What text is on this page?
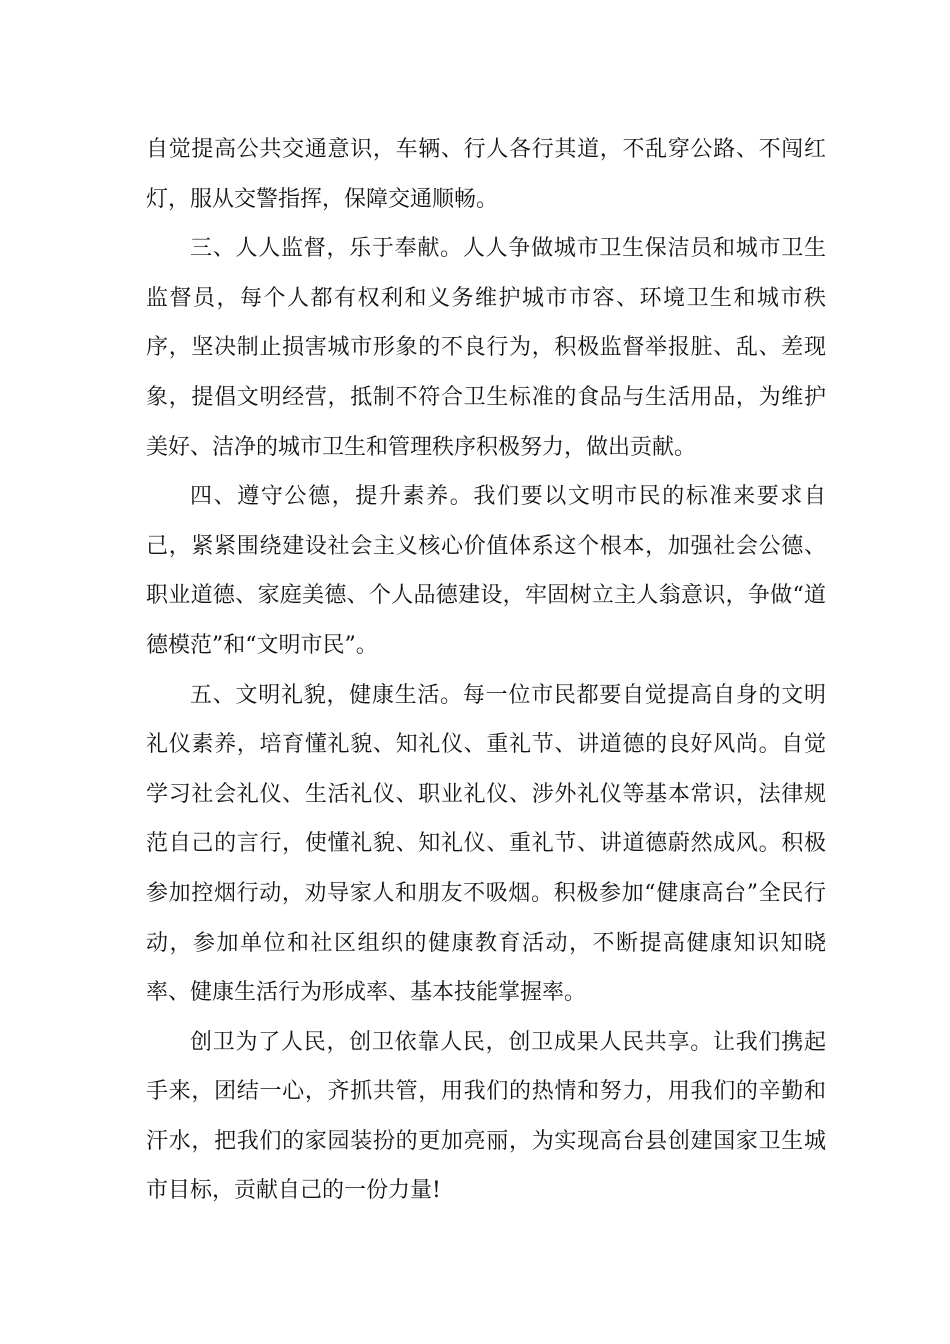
自觉提高公共交通意识，车辆、行人各行其道，不乱穿公路、不闯红灯，服从交警指挥，保障交通顺畅。

三、人人监督，乐于奉献。人人争做城市卫生保洁员和城市卫生监督员，每个人都有权利和义务维护城市市容、环境卫生和城市秩序，坚决制止损害城市形象的不良行为，积极监督举报脏、乱、差现象，提倡文明经营，抵制不符合卫生标准的食品与生活用品，为维护美好、洁净的城市卫生和管理秩序积极努力，做出贡献。

四、遵守公德，提升素养。我们要以文明市民的标准来要求自己，紧紧围绕建设社会主义核心价值体系这个根本，加强社会公德、职业道德、家庭美德、个人品德建设，牢固树立主人翁意识，争做“道德模范”和“文明市民”。

五、文明礼貌，健康生活。每一位市民都要自觉提高自身的文明礼仪素养，培育懂礼貌、知礼仪、重礼节、讲道德的良好风尚。自觉学习社会礼仪、生活礼仪、职业礼仪、涉外礼仪等基本常识，法律规范自己的言行，使懂礼貌、知礼仪、重礼节、讲道德蔚然成风。积极参加控烟行动，劝导家人和朋友不吸烟。积极参加“健康高台”全民行动，参加单位和社区组织的健康教育活动，不断提高健康知识知晓率、健康生活行为形成率、基本技能掌握率。

创卫为了人民，创卫依靠人民，创卫成果人民共享。让我们携起手来，团结一心，齐抓共管，用我们的热情和努力，用我们的辛勤和汗水，把我们的家园装扮的更加亮丽，为实现高台县创建国家卫生城市目标，贡献自己的一份力量!
